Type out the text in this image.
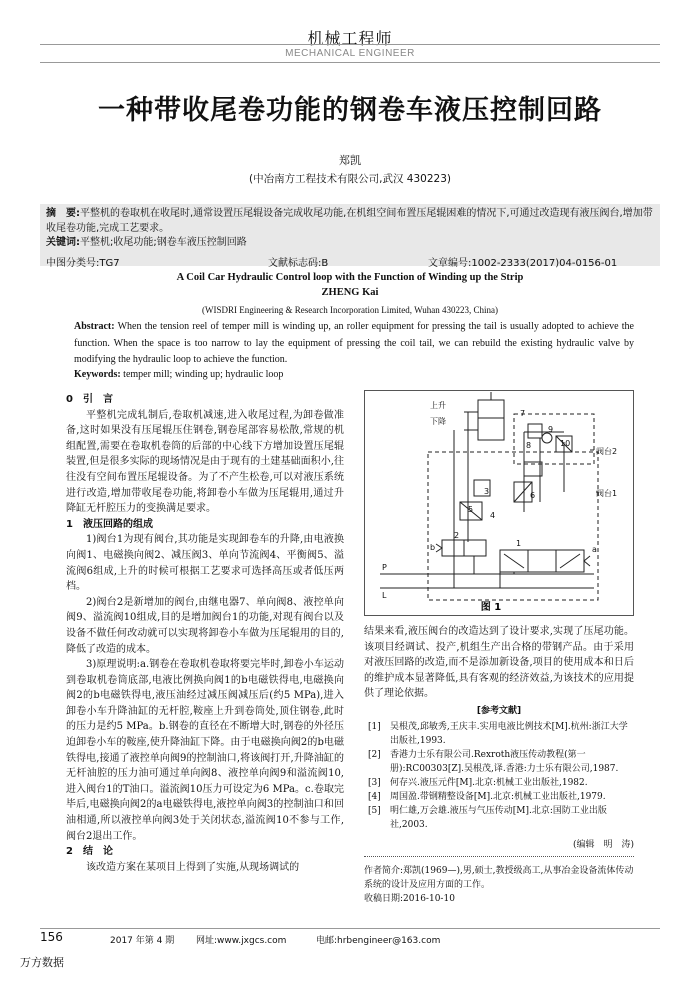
机械工程师
MECHANICAL ENGINEER
一种带收尾卷功能的钢卷车液压控制回路
郑凯
(中冶南方工程技术有限公司,武汉 430223)
摘　要:平整机的卷取机在收尾时,通常设置压尾辊设备完成收尾功能,在机组空间布置压尾辊困难的情况下,可通过改造现有液压阀台,增加带收尾卷功能,完成工艺要求。
关键词:平整机;收尾功能;钢卷车液压控制回路
中图分类号:TG7	文献标志码:B	文章编号:1002-2333(2017)04-0156-01
A Coil Car Hydraulic Control loop with the Function of Winding up the Strip
ZHENG Kai
(WISDRI Engineering & Research Incorporation Limited, Wuhan 430223, China)
Abstract: When the tension reel of temper mill is winding up, an roller equipment for pressing the tail is usually adopted to achieve the function. When the space is too narrow to lay the equipment of pressing the coil tail, we can rebuild the existing hydraulic valve by modifying the hydraulic loop to achieve the function.
Keywords: temper mill; winding up; hydraulic loop

0　引　言

平整机完成轧制后,卷取机减速,进入收尾过程,为卸卷做准备,这时如果没有压尾辊压住钢卷,钢卷尾部容易松散,常规的机组配置,需要在卷取机卷筒的后部的中心线下方增加设置压尾辊装置,但是很多实际的现场情况是由于现有的土建基础面积小,往往没有空间布置压尾辊设备。为了不产生松卷,可以对液压系统进行改造,增加带收尾卷功能,将卸卷小车做为压尾辊用,通过升降缸无杆腔压力的变换满足要求。

1　液压回路的组成

1)阀台1为现有阀台,其功能是实现卸卷车的升降,由电液换向阀1、电磁换向阀2、减压阀3、单向节流阀4、平衡阀5、溢流阀6组成,上升的时候可根据工艺要求可选择高压或者低压两档。

2)阀台2是新增加的阀台,由继电器7、单向阀8、液控单向阀9、溢流阀10组成,目的是增加阀台1的功能,对现有阀台以及设备不做任何改动就可以实现将卸卷小车做为压尾辊用的目的,降低了改造的成本。

3)原理说明:a.钢卷在卷取机卷取将要完毕时,卸卷小车运动到卷取机卷筒底部,电液比例换向阀1的b电磁铁得电,电磁换向阀2的b电磁铁得电,液压油经过减压阀减压后(约5 MPa),进入卸卷小车升降油缸的无杆腔,鞍座上升到卷筒处,顶住钢卷,此时的压力是约5 MPa。b.钢卷的直径在不断增大时,钢卷的外径压迫卸卷小车的鞍座,使升降油缸下降。由于电磁换向阀2的b电磁铁得电,接通了液控单向阀9的控制油口,将该阀打开,升降油缸的无杆油腔的压力油可通过单向阀8、液控单向阀9和溢流阀10,进入阀台1的T油口。溢流阀10压力可设定为6 MPa。c.卷取完毕后,电磁换向阀2的a电磁铁得电,液控单向阀3的控制油口和回油相通,所以液控单向阀3处于关闭状态,溢流阀10不参与工作,阀台2退出工作。

2　结　论

该改造方案在某项目上得到了实施,从现场调试的

上升
下降
阀台2
阀台1
7
8
9
10
6
5
4
3
2
1
b	a
P
L
图 1

结果来看,液压阀台的改造达到了设计要求,实现了压尾功能。该项目经调试、投产,机组生产出合格的带钢产品。由于采用对液压回路的改造,而不是添加新设备,项目的使用成本和日后的维护成本显著降低,具有客观的经济效益,为该技术的应用提供了理论依据。

[参考文献]
[1] 吴根茂,邱敏秀,王庆丰.实用电液比例技术[M].杭州:浙江大学出版社,1993.
[2] 香港力士乐有限公司.Rexroth液压传动教程(第一册):RC00303[Z].吴根茂,译.香港:力士乐有限公司,1987.
[3] 何存兴.液压元件[M].北京:机械工业出版社,1982.
[4] 周国盈.带钢精整设备[M].北京:机械工业出版社,1979.
[5] 明仁雄,万会雄.液压与气压传动[M].北京:国防工业出版社,2003.
(编辑　明　涛)
作者简介:郑凯(1969—),男,硕士,教授级高工,从事冶金设备流体传动系统的设计及应用方面的工作。
收稿日期:2016-10-10
156	2017 年第 4 期 网址:www.jxgcs.com	电邮:hrbengineer@163.com
万方数据
